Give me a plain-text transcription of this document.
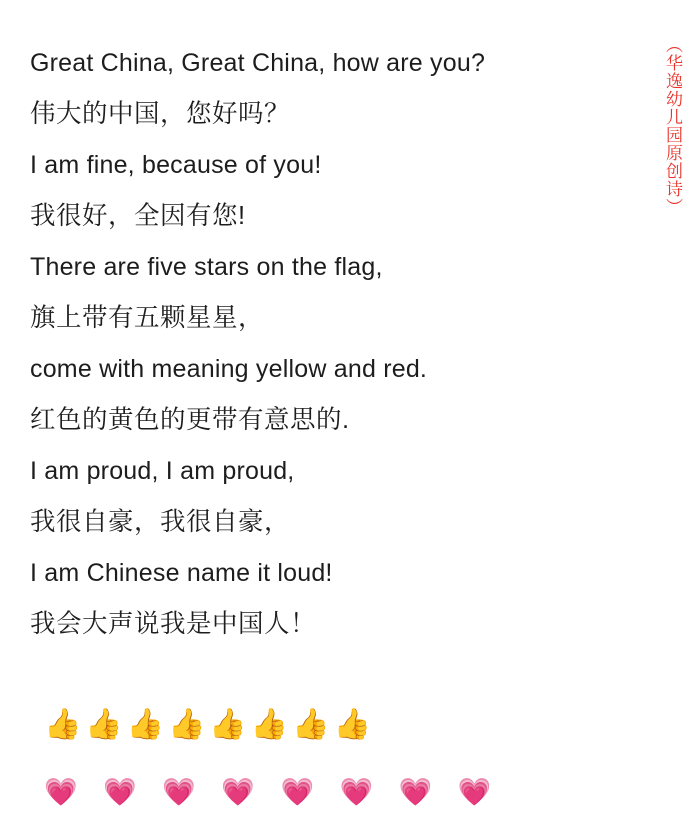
Great China, Great China, how are you?
伟大的中国，您好吗？
I am fine, because of you!
我很好，全因有您!
There are five stars on the flag,
旗上带有五颗星星，
come with meaning yellow and red.
红色的黄色的更带有意思的.
I am proud, I am proud,
我很自豪，我很自豪，
I am Chinese name it loud!
我会大声说我是中国人！
（华逸幼儿园原创诗）
👍👍👍👍👍👍👍👍
💗 💗 💗 💗 💗 💗 💗 💗
